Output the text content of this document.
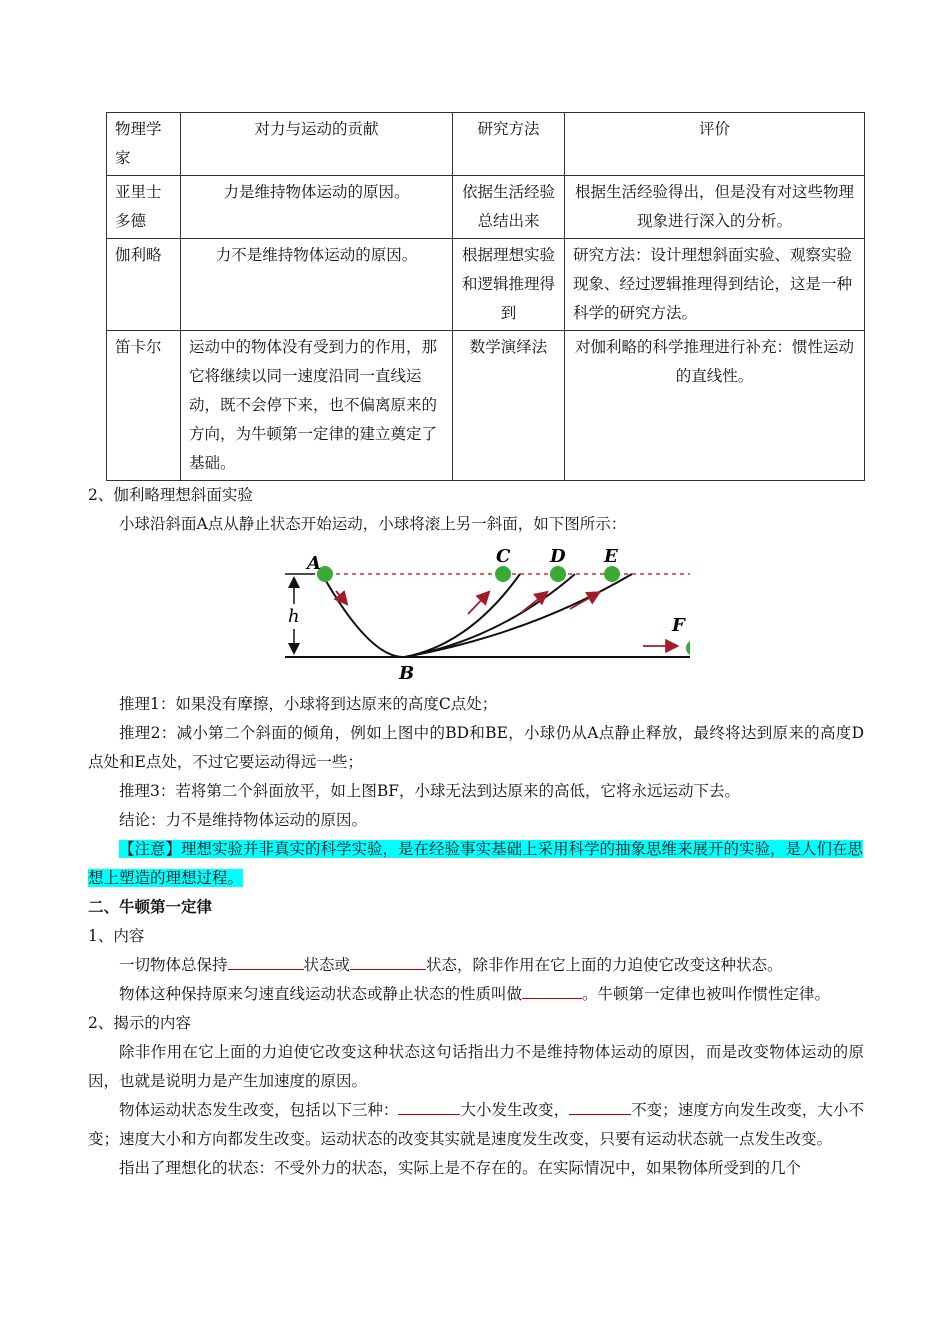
物理学家	对力与运动的贡献	研究方法	评价
亚里士多德	力是维持物体运动的原因。	依据生活经验总结出来	根据生活经验得出，但是没有对这些物理现象进行深入的分析。
伽利略	力不是维持物体运动的原因。	根据理想实验和逻辑推理得到	研究方法：设计理想斜面实验、观察实验现象、经过逻辑推理得到结论，这是一种科学的研究方法。
笛卡尔	运动中的物体没有受到力的作用，那它将继续以同一速度沿同一直线运动，既不会停下来，也不偏离原来的方向，为牛顿第一定律的建立奠定了基础。	数学演绎法	对伽利略的科学推理进行补充：惯性运动的直线性。

2、伽利略理想斜面实验

小球沿斜面A点从静止状态开始运动，小球将滚上另一斜面，如下图所示：

h
A
B
C D E
F

推理1：如果没有摩擦，小球将到达原来的高度C点处；

推理2：减小第二个斜面的倾角，例如上图中的BD和BE，小球仍从A点静止释放，最终将达到原来的高度D点处和E点处，不过它要运动得远一些；

推理3：若将第二个斜面放平，如上图BF，小球无法到达原来的高低，它将永远运动下去。

结论：力不是维持物体运动的原因。

【注意】理想实验并非真实的科学实验，是在经验事实基础上采用科学的抽象思维来展开的实验，是人们在思想上塑造的理想过程。

二、牛顿第一定律

1、内容

一切物体总保持	状态或	状态，除非作用在它上面的力迫使它改变这种状态。

物体这种保持原来匀速直线运动状态或静止状态的性质叫做	。牛顿第一定律也被叫作惯性定律。

2、揭示的内容

除非作用在它上面的力迫使它改变这种状态这句话指出力不是维持物体运动的原因，而是改变物体运动的原因，也就是说明力是产生加速度的原因。

物体运动状态发生改变，包括以下三种：	大小发生改变，	不变；速度方向发生改变，大小不变；速度大小和方向都发生改变。运动状态的改变其实就是速度发生改变，只要有运动状态就一点发生改变。

指出了理想化的状态：不受外力的状态，实际上是不存在的。在实际情况中，如果物体所受到的几个
